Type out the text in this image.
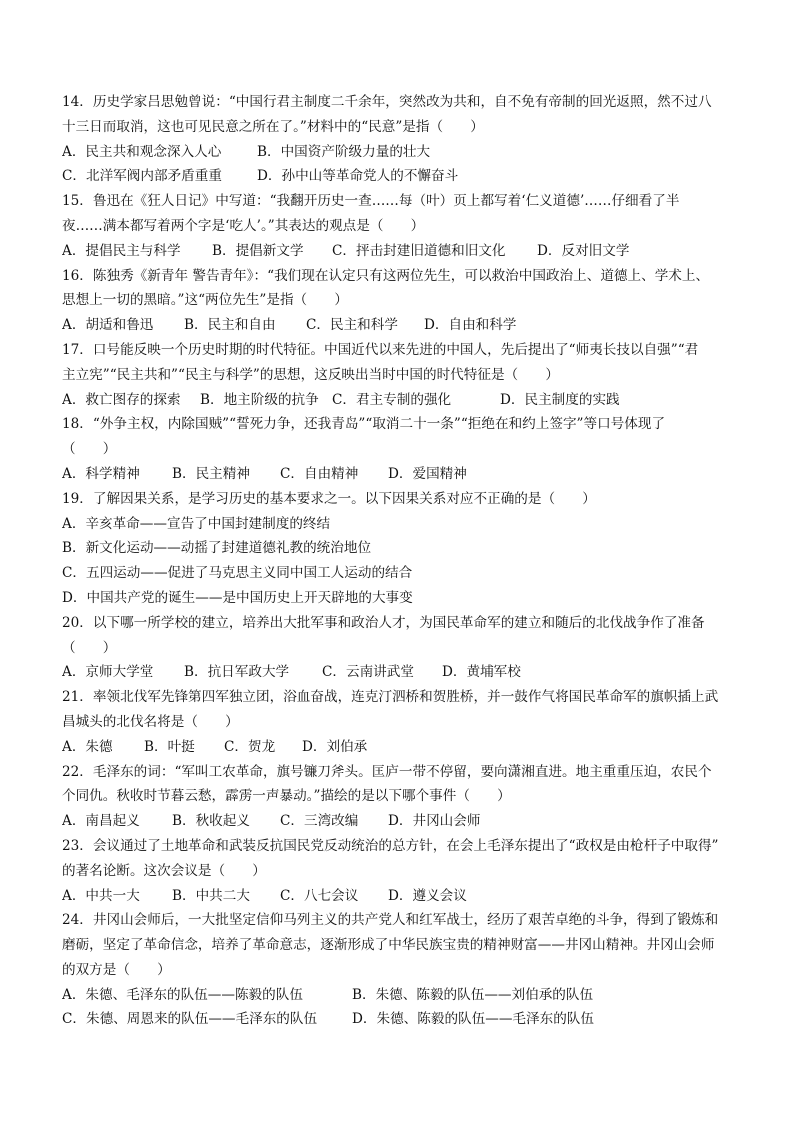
14．历史学家吕思勉曾说：“中国行君主制度二千余年，突然改为共和，自不免有帝制的回光返照，然不过八
十三日而取消，这也可见民意之所在了。”材料中的“民意”是指（　　）
A．民主共和观念深入人心	B．中国资产阶级力量的壮大
C．北洋军阀内部矛盾重重	D．孙中山等革命党人的不懈奋斗
15．鲁迅在《狂人日记》中写道：“我翻开历史一查……每（叶）页上都写着‘仁义道德’……仔细看了半
夜……满本都写着两个字是‘吃人’。”其表达的观点是（　　）
A．提倡民主与科学	B．提倡新文学	C．抨击封建旧道德和旧文化	D．反对旧文学
16．陈独秀《新青年 警告青年》：“我们现在认定只有这两位先生，可以救治中国政治上、道德上、学术上、
思想上一切的黑暗。”这“两位先生”是指（　　）
A．胡适和鲁迅	B．民主和自由	C．民主和科学	D．自由和科学
17．口号能反映一个历史时期的时代特征。中国近代以来先进的中国人，先后提出了“师夷长技以自强”“君
主立宪”“民主共和”“民主与科学”的思想，这反映出当时中国的时代特征是（　　）
A．救亡图存的探索	B．地主阶级的抗争 C．君主专制的强化	D．民主制度的实践
18．“外争主权，内除国贼”“誓死力争，还我青岛”“取消二十一条”“拒绝在和约上签字”等口号体现了
（　　）
A．科学精神	B．民主精神	C．自由精神	D．爱国精神
19．了解因果关系，是学习历史的基本要求之一。以下因果关系对应不正确的是（　　）
A．辛亥革命——宣告了中国封建制度的终结
B．新文化运动——动摇了封建道德礼教的统治地位
C．五四运动——促进了马克思主义同中国工人运动的结合
D．中国共产党的诞生——是中国历史上开天辟地的大事变
20．以下哪一所学校的建立，培养出大批军事和政治人才，为国民革命军的建立和随后的北伐战争作了准备
（　　）
A．京师大学堂	B．抗日军政大学	C．云南讲武堂	D．黄埔军校
21．率领北伐军先锋第四军独立团，浴血奋战，连克汀泗桥和贺胜桥，并一鼓作气将国民革命军的旗帜插上武
昌城头的北伐名将是（　　）
A．朱德	B．叶挺	C．贺龙	D．刘伯承
22．毛泽东的词：“军叫工农革命，旗号镰刀斧头。匡庐一带不停留，要向潇湘直进。地主重重压迫，农民个
个同仇。秋收时节暮云愁，霹雳一声暴动。”描绘的是以下哪个事件（　　）
A．南昌起义	B．秋收起义	C．三湾改编	D．井冈山会师
23．会议通过了土地革命和武装反抗国民党反动统治的总方针，在会上毛泽东提出了“政权是由枪杆子中取得”
的著名论断。这次会议是（　　）
A．中共一大	B．中共二大	C．八七会议	D．遵义会议
24．井冈山会师后，一大批坚定信仰马列主义的共产党人和红军战士，经历了艰苦卓绝的斗争，得到了锻炼和
磨砺，坚定了革命信念，培养了革命意志，逐渐形成了中华民族宝贵的精神财富——井冈山精神。井冈山会师
的双方是（　　）
A．朱德、毛泽东的队伍——陈毅的队伍	B．朱德、陈毅的队伍——刘伯承的队伍
C．朱德、周恩来的队伍——毛泽东的队伍	D．朱德、陈毅的队伍——毛泽东的队伍
